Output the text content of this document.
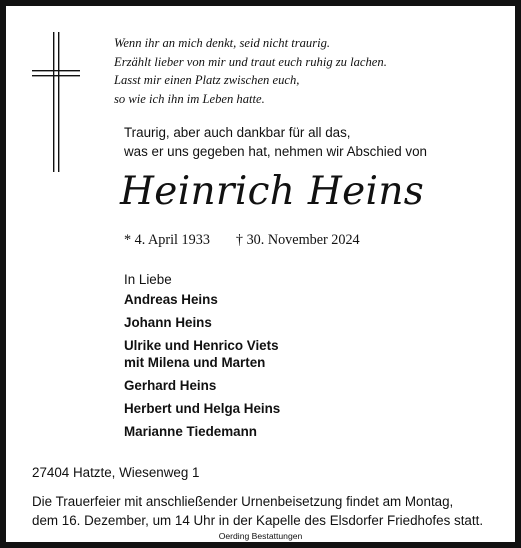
Wenn ihr an mich denkt, seid nicht traurig.
Erzählt lieber von mir und traut euch ruhig zu lachen.
Lasst mir einen Platz zwischen euch,
so wie ich ihn im Leben hatte.
Traurig, aber auch dankbar für all das,
was er uns gegeben hat, nehmen wir Abschied von
Heinrich Heins
* 4. April 1933 † 30. November 2024
In Liebe
Andreas Heins
Johann Heins
Ulrike und Henrico Viets
mit Milena und Marten
Gerhard Heins
Herbert und Helga Heins
Marianne Tiedemann
27404 Hatzte, Wiesenweg 1
Die Trauerfeier mit anschließender Urnenbeisetzung findet am Montag,
dem 16. Dezember, um 14 Uhr in der Kapelle des Elsdorfer Friedhofes statt.
Oerding Bestattungen
